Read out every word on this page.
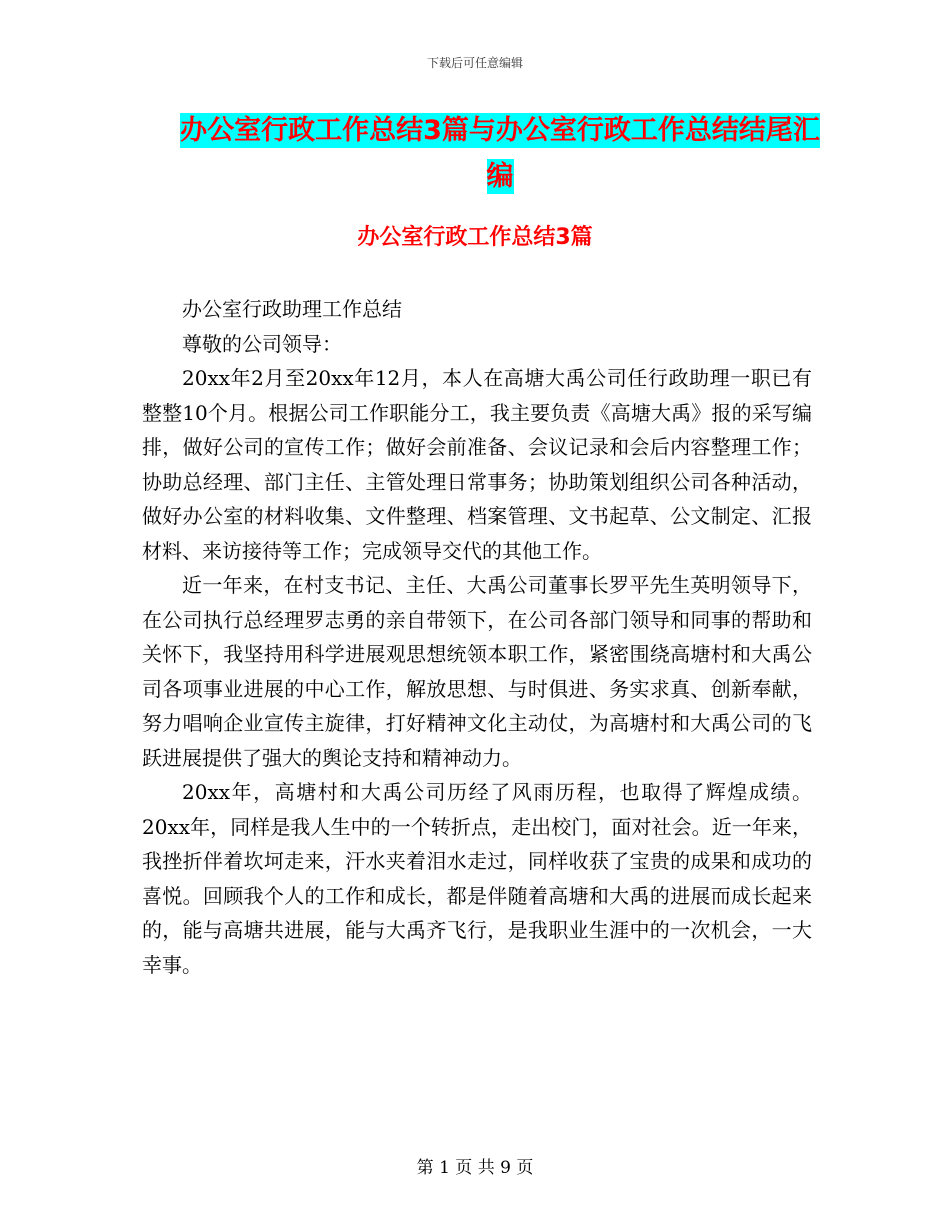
下载后可任意编辑
办公室行政工作总结3篇与办公室行政工作总结结尾汇编
办公室行政工作总结3篇

办公室行政助理工作总结

尊敬的公司领导：

20xx年2月至20xx年12月，本人在高塘大禹公司任行政助理一职已有整整10个月。根据公司工作职能分工，我主要负责《高塘大禹》报的采写编排，做好公司的宣传工作；做好会前准备、会议记录和会后内容整理工作；协助总经理、部门主任、主管处理日常事务；协助策划组织公司各种活动，做好办公室的材料收集、文件整理、档案管理、文书起草、公文制定、汇报材料、来访接待等工作；完成领导交代的其他工作。

近一年来，在村支书记、主任、大禹公司董事长罗平先生英明领导下，在公司执行总经理罗志勇的亲自带领下，在公司各部门领导和同事的帮助和关怀下，我坚持用科学进展观思想统领本职工作，紧密围绕高塘村和大禹公司各项事业进展的中心工作，解放思想、与时俱进、务实求真、创新奉献，努力唱响企业宣传主旋律，打好精神文化主动仗，为高塘村和大禹公司的飞跃进展提供了强大的舆论支持和精神动力。

20xx年，高塘村和大禹公司历经了风雨历程，也取得了辉煌成绩。20xx年，同样是我人生中的一个转折点，走出校门，面对社会。近一年来，我挫折伴着坎坷走来，汗水夹着泪水走过，同样收获了宝贵的成果和成功的喜悦。回顾我个人的工作和成长，都是伴随着高塘和大禹的进展而成长起来的，能与高塘共进展，能与大禹齐飞行，是我职业生涯中的一次机会，一大幸事。

第 1 页 共 9 页
